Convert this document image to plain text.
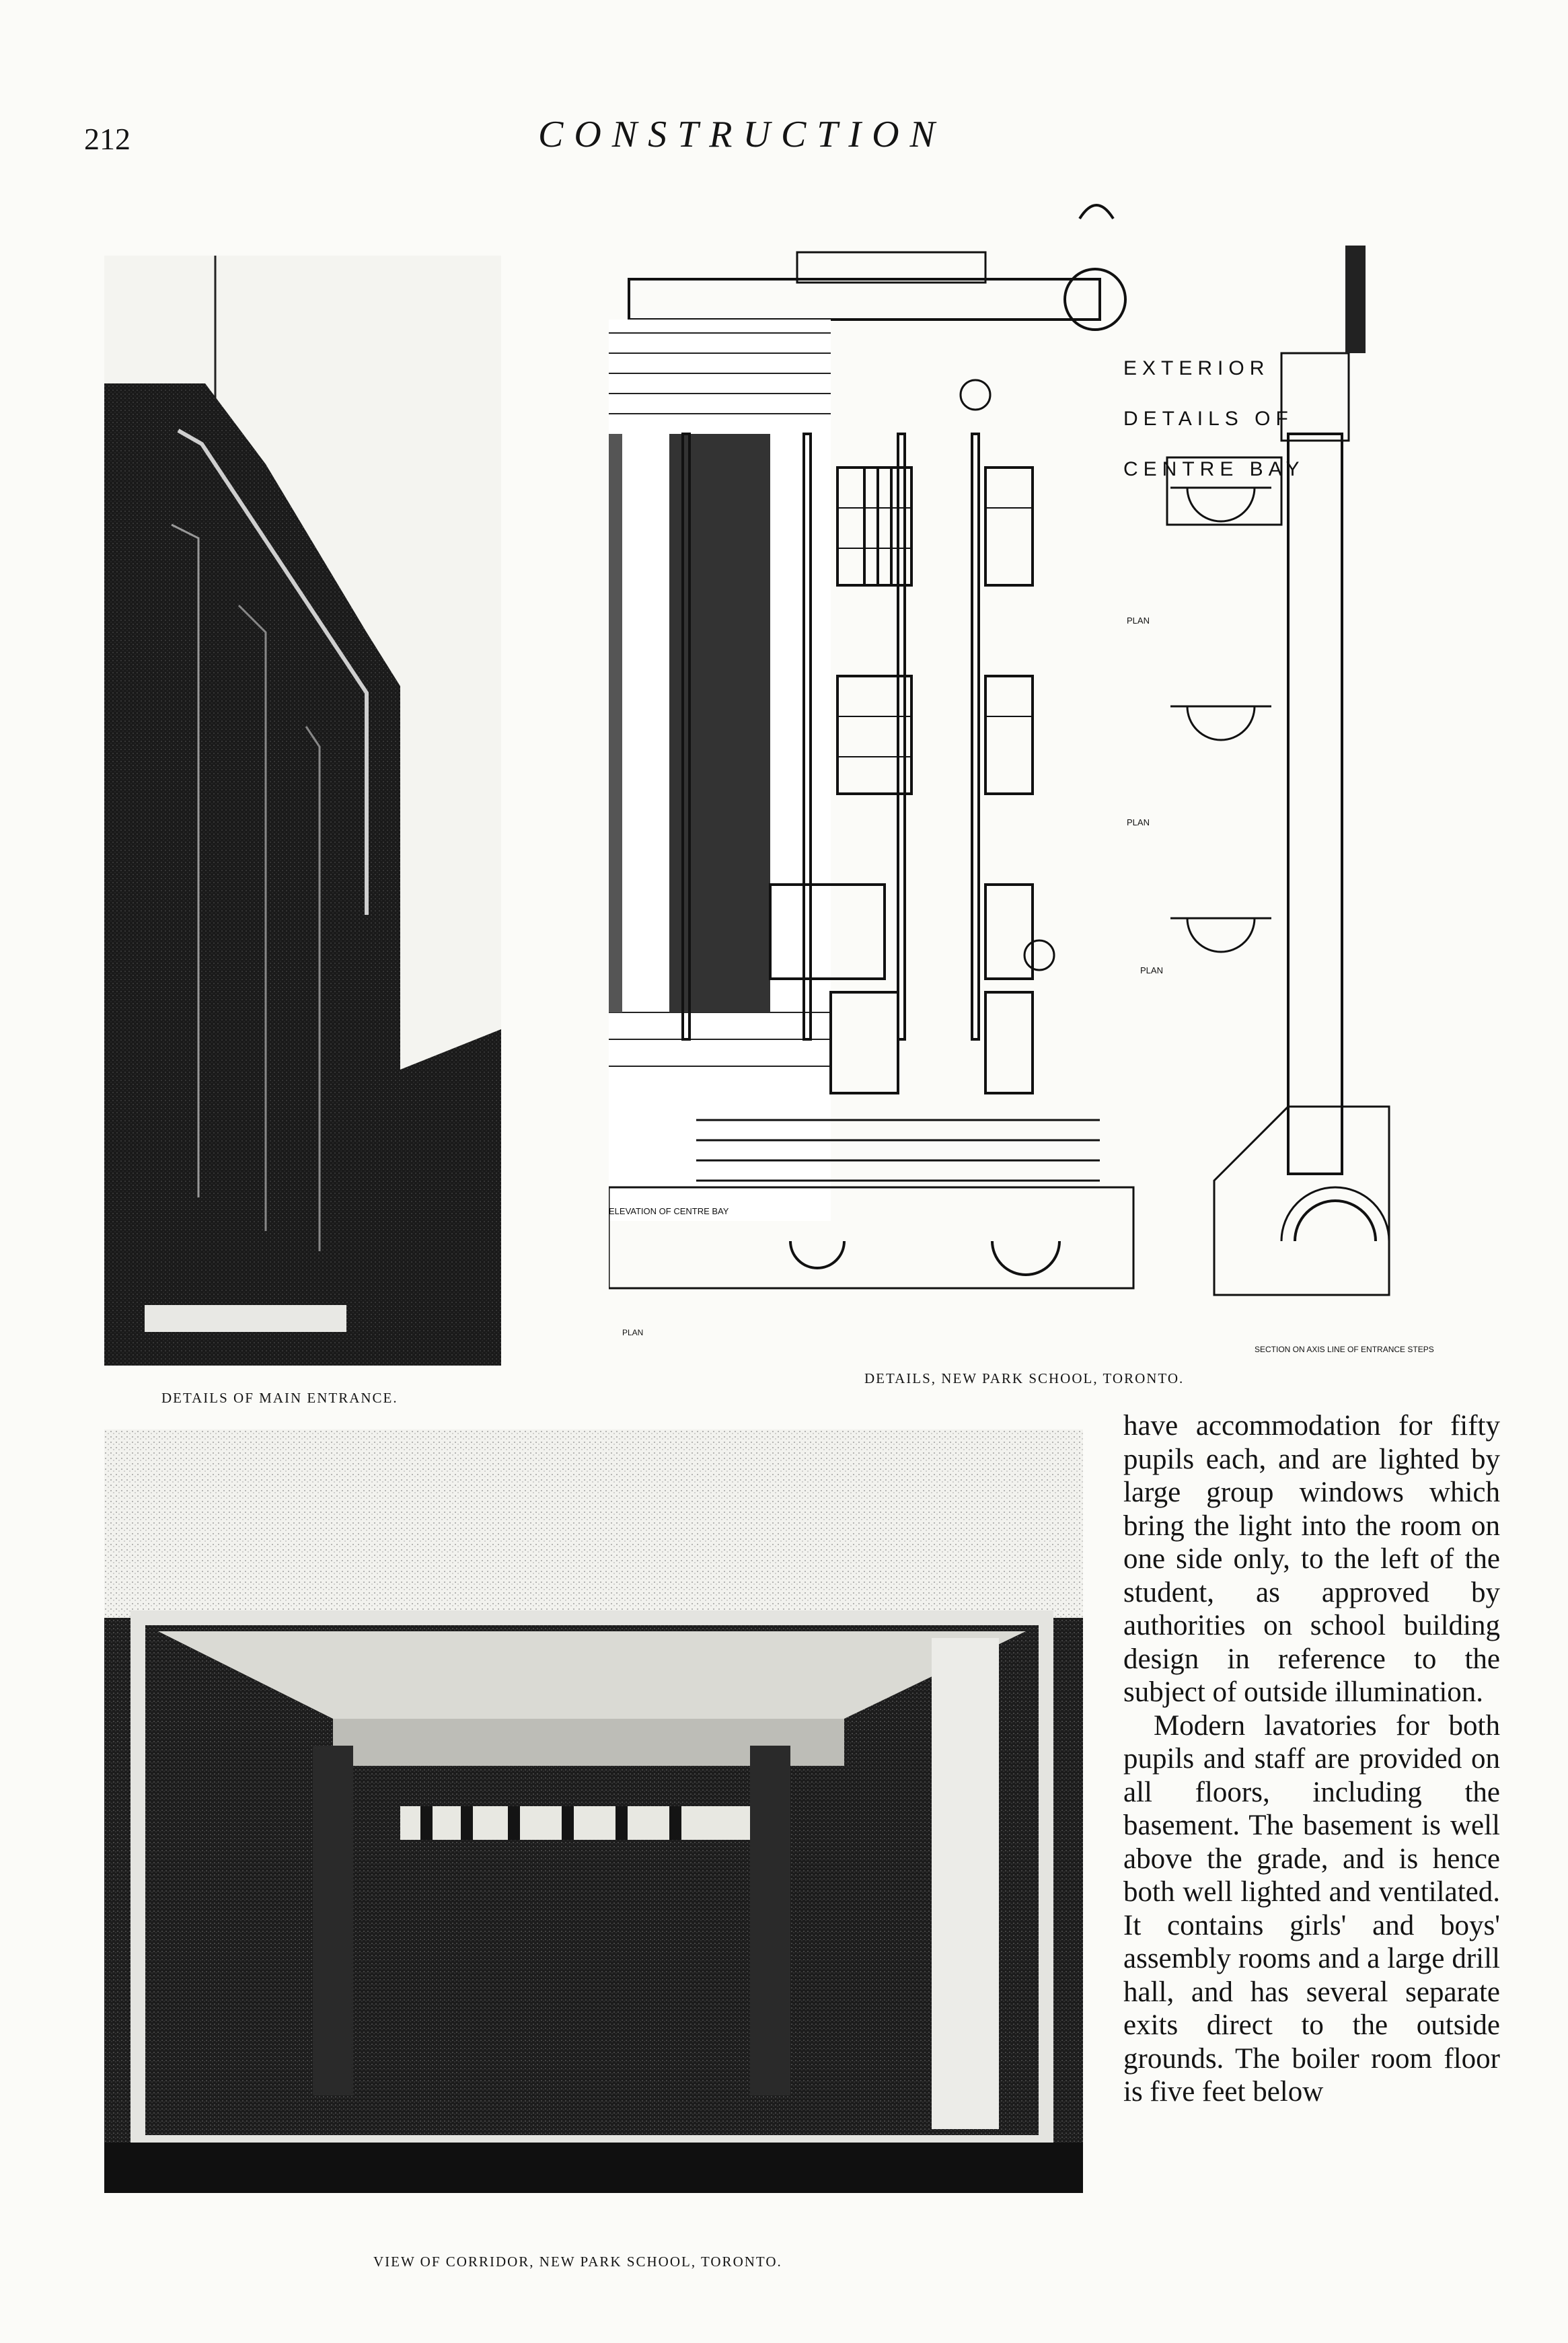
212	CONSTRUCTION
EXTERIOR
DETAILS OF
CENTRE BAY
ELEVATION OF CENTRE BAY
SECTION ON AXIS LINE OF ENTRANCE STEPS
PLAN
PLAN
PLAN
PLAN
DETAILS OF MAIN ENTRANCE.
DETAILS, NEW PARK SCHOOL, TORONTO.
VIEW OF CORRIDOR, NEW PARK SCHOOL, TORONTO.

have accommodation for fifty pupils each, and are lighted by large group windows which bring the light into the room on one side only, to the left of the student, as approved by authorities on school building design in reference to the subject of outside illumination.

Modern lavatories for both pupils and staff are provided on all floors, including the basement. The basement is well above the grade, and is hence both well lighted and ventilated. It contains girls' and boys' assembly rooms and a large drill hall, and has several separate exits direct to the outside grounds. The boiler room floor is five feet below
